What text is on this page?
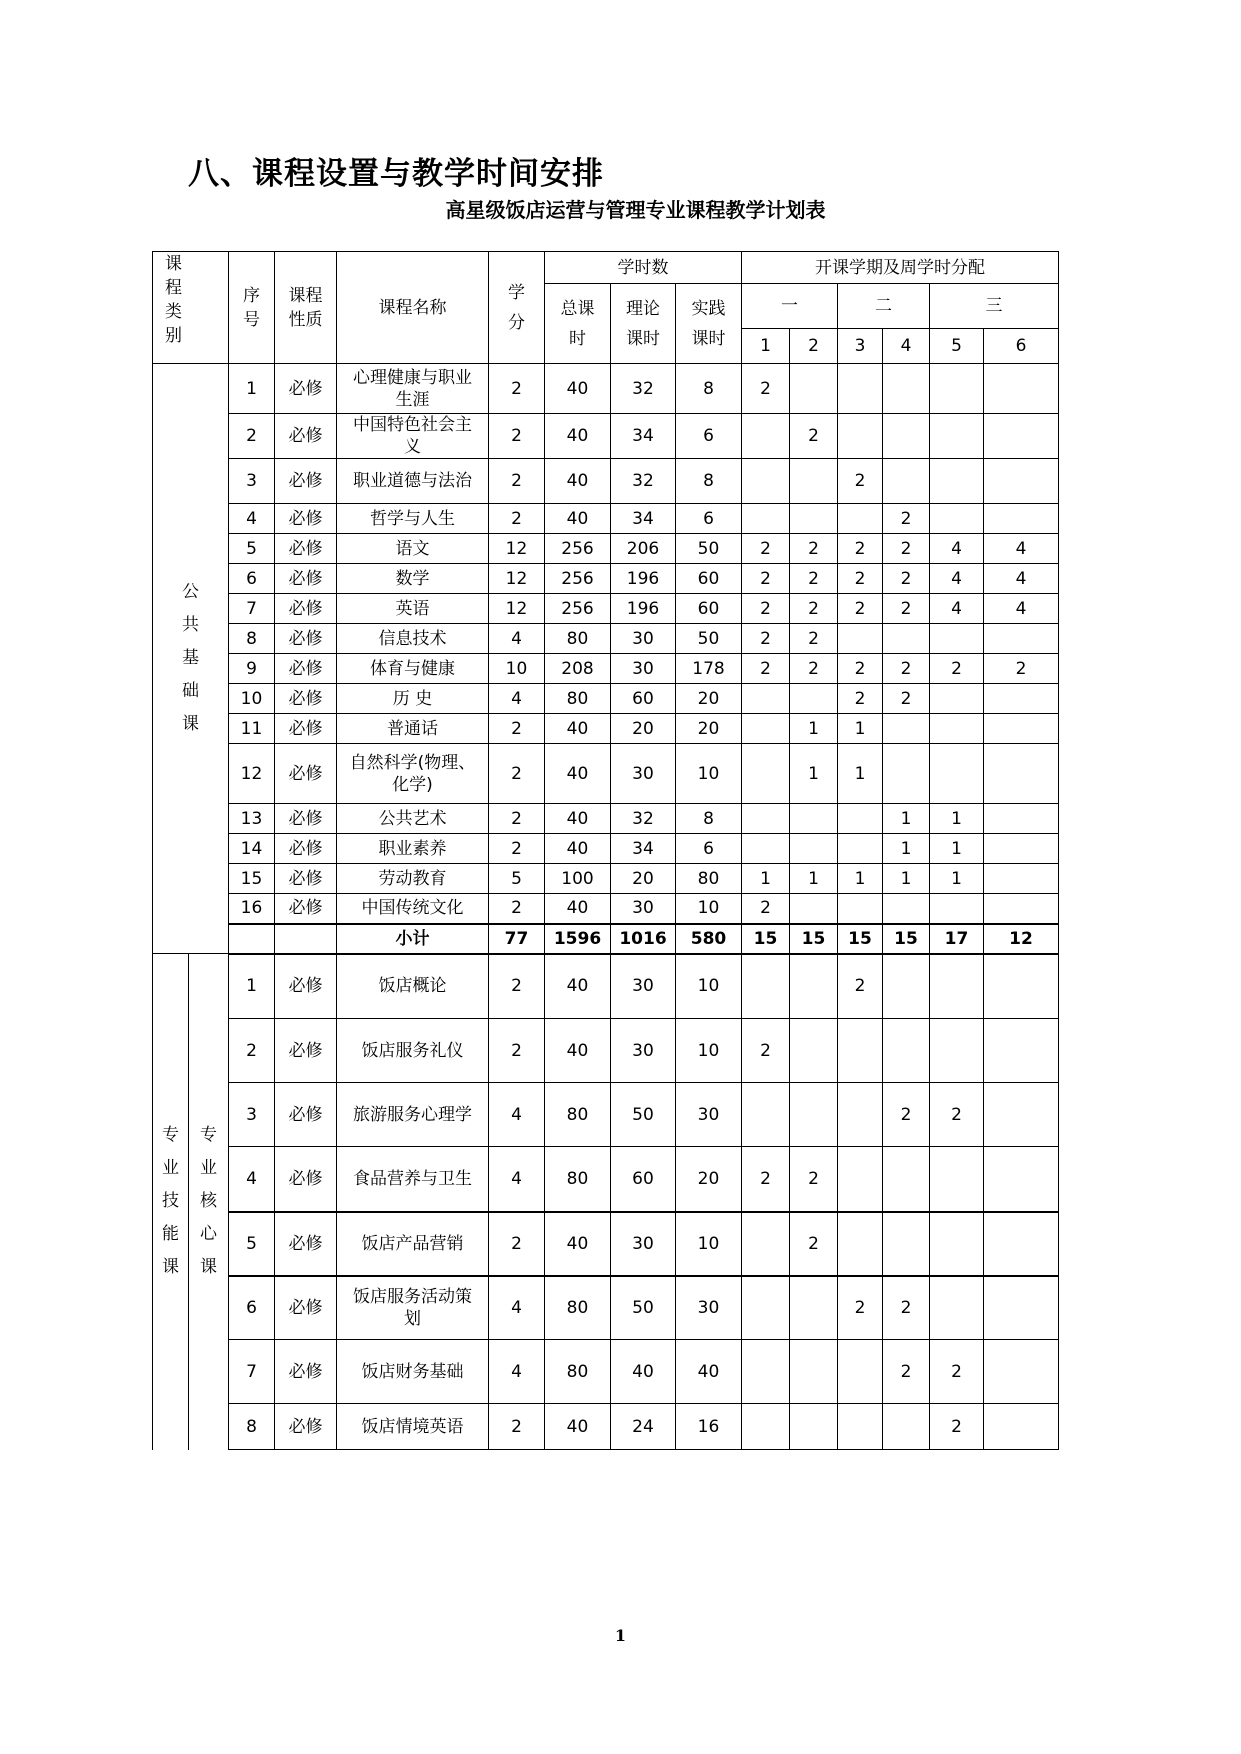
八、课程设置与教学时间安排
高星级饭店运营与管理专业课程教学计划表
课程类别		序号	课程性质	课程名称	学分	学时数			开课学期及周学时分配					

						总课时	理论课时	实践课时	一		二		三	
									1	2	3	4	5	6

公共基础课		1	必修	心理健康与职业生涯	2	40	32	8	2					
		2	必修	中国特色社会主义	2	40	34	6		2				
		3	必修	职业道德与法治	2	40	32	8			2			
		4	必修	哲学与人生	2	40	34	6				2		
		5	必修	语文	12	256	206	50	2	2	2	2	4	4
		6	必修	数学	12	256	196	60	2	2	2	2	4	4
		7	必修	英语	12	256	196	60	2	2	2	2	4	4
		8	必修	信息技术	4	80	30	50	2	2				
		9	必修	体育与健康	10	208	30	178	2	2	2	2	2	2
		10	必修	历 史	4	80	60	20			2	2		
		11	必修	普通话	2	40	20	20		1	1			
		12	必修	自然科学(物理、化学)	2	40	30	10		1	1			
		13	必修	公共艺术	2	40	32	8				1	1	
		14	必修	职业素养	2	40	34	6				1	1	
		15	必修	劳动教育	5	100	20	80	1	1	1	1	1	
		16	必修	中国传统文化	2	40	30	10	2					
				小计	77	1596	1016	580	15	15	15	15	17	12

专业技能课	专业核心课	1	必修	饭店概论	2	40	30	10			2			
		2	必修	饭店服务礼仪	2	40	30	10	2					
		3	必修	旅游服务心理学	4	80	50	30				2	2	
		4	必修	食品营养与卫生	4	80	60	20	2	2				
		5	必修	饭店产品营销	2	40	30	10		2				
		6	必修	饭店服务活动策划	4	80	50	30			2	2		
		7	必修	饭店财务基础	4	80	40	40				2	2	
		8	必修	饭店情境英语	2	40	24	16					2	
1
